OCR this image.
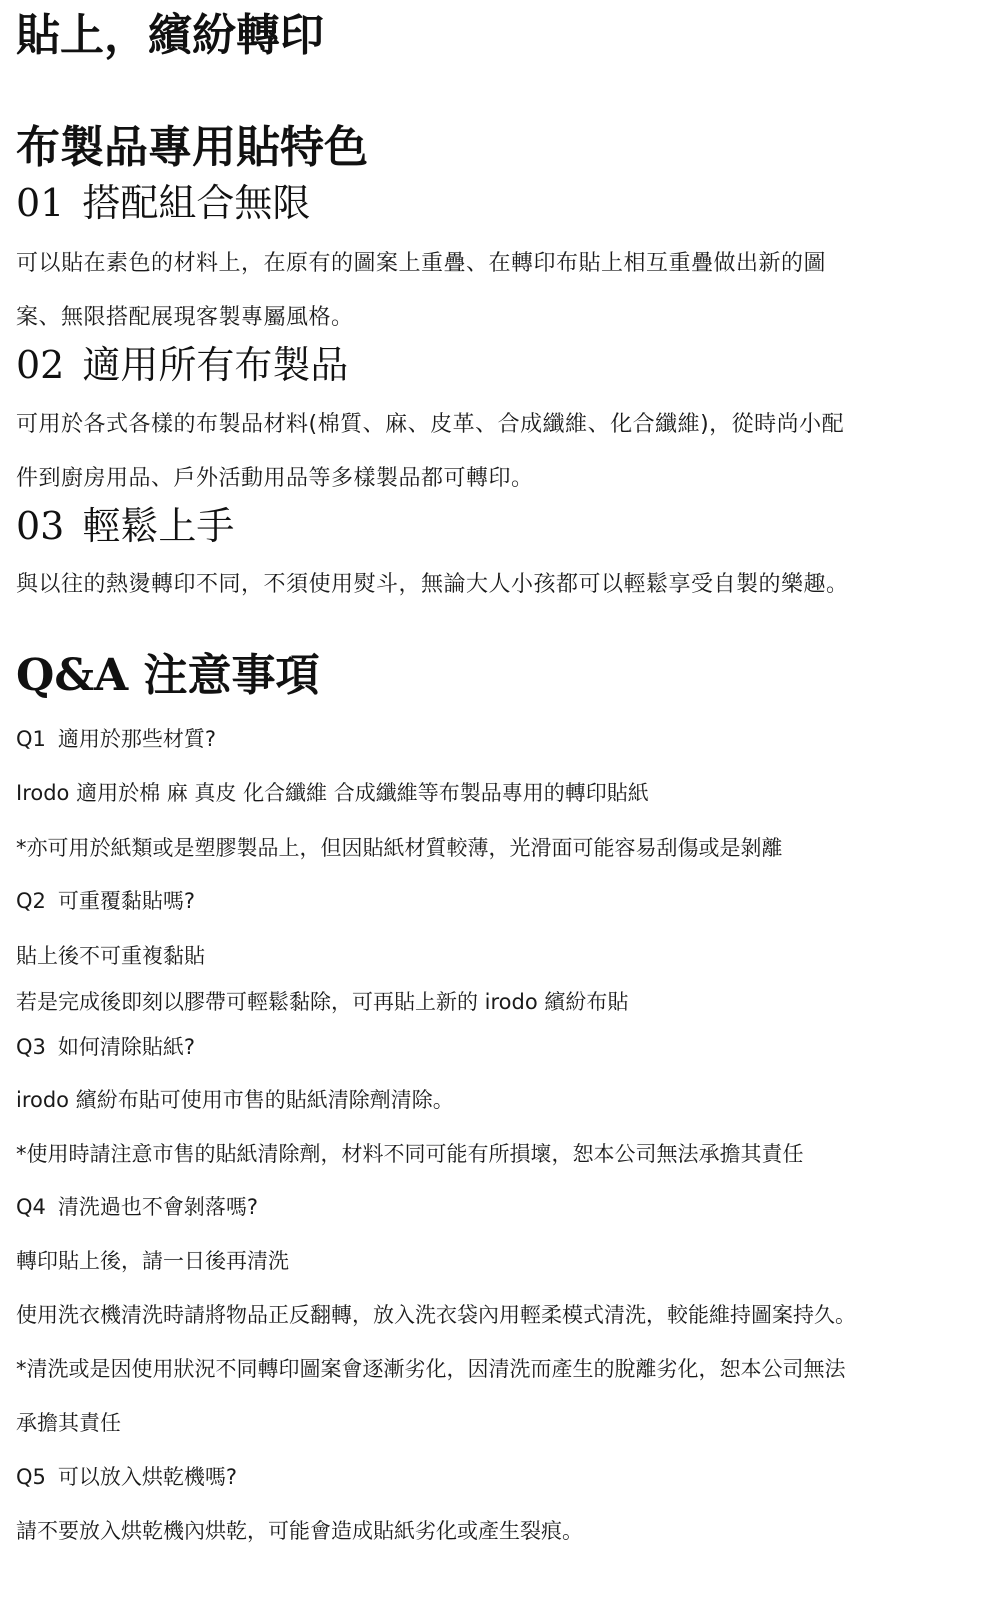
貼上，繽紛轉印
布製品專用貼特色
01 搭配組合無限
可以貼在素色的材料上，在原有的圖案上重疊、在轉印布貼上相互重疊做出新的圖
案、無限搭配展現客製專屬風格。
02 適用所有布製品
可用於各式各樣的布製品材料(棉質、麻、皮革、合成纖維、化合纖維)，從時尚小配
件到廚房用品、戶外活動用品等多樣製品都可轉印。
03 輕鬆上手
與以往的熱燙轉印不同，不須使用熨斗，無論大人小孩都可以輕鬆享受自製的樂趣。
Q&A 注意事項
Q1 適用於那些材質?
Irodo 適用於棉 麻 真皮 化合纖維 合成纖維等布製品專用的轉印貼紙
*亦可用於紙類或是塑膠製品上，但因貼紙材質較薄，光滑面可能容易刮傷或是剝離
Q2 可重覆黏貼嗎?
貼上後不可重複黏貼
若是完成後即刻以膠帶可輕鬆黏除，可再貼上新的 irodo 繽紛布貼
Q3 如何清除貼紙?
irodo 繽紛布貼可使用市售的貼紙清除劑清除。
*使用時請注意市售的貼紙清除劑，材料不同可能有所損壞，恕本公司無法承擔其責任
Q4 清洗過也不會剝落嗎?
轉印貼上後，請一日後再清洗
使用洗衣機清洗時請將物品正反翻轉，放入洗衣袋內用輕柔模式清洗，較能維持圖案持久。
*清洗或是因使用狀況不同轉印圖案會逐漸劣化，因清洗而產生的脫離劣化，恕本公司無法
承擔其責任
Q5 可以放入烘乾機嗎?
請不要放入烘乾機內烘乾，可能會造成貼紙劣化或產生裂痕。
